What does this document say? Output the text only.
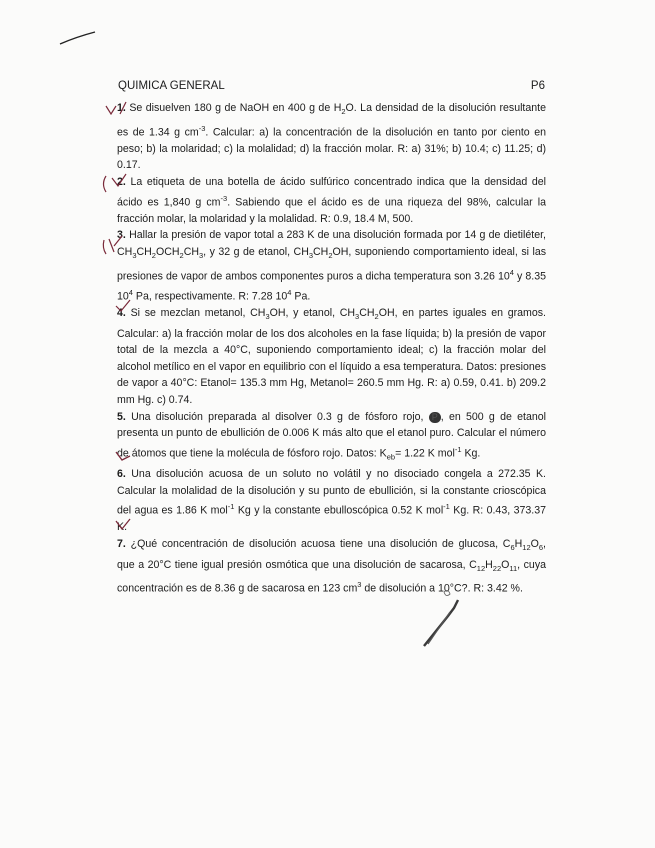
QUIMICA GENERAL	P6

1. Se disuelven 180 g de NaOH en 400 g de $H_2O$. La densidad de la disolución resultante es de 1.34 g $cm^{-3}$. Calcular: a) la concentración de la disolución en tanto por ciento en peso; b) la molaridad; c) la molalidad; d) la fracción molar. R: a) 31%; b) 10.4; c) 11.25; d) 0.17.

2. La etiqueta de una botella de ácido sulfúrico concentrado indica que la densidad del ácido es 1,840 g $cm^{-3}$. Sabiendo que el ácido es de una riqueza del 98%, calcular la fracción molar, la molaridad y la molalidad. R: 0.9, 18.4 M, 500.

3. Hallar la presión de vapor total a 283 K de una disolución formada por 14 g de dietiléter, $CH_3CH_2OCH_2CH_3$, y 32 g de etanol, $CH_3CH_2OH$, suponiendo comportamiento ideal, si las presiones de vapor de ambos componentes puros a dicha temperatura son 3.26 $10^4$ y 8.35 $10^4$ Pa, respectivamente. R: 7.28 $10^4$ Pa.

4. Si se mezclan metanol, $CH_3OH$, y etanol, $CH_3CH_2OH$, en partes iguales en gramos. Calcular: a) la fracción molar de los dos alcoholes en la fase líquida; b) la presión de vapor total de la mezcla a 40°C, suponiendo comportamiento ideal; c) la fracción molar del alcohol metílico en el vapor en equilibrio con el líquido a esa temperatura. Datos: presiones de vapor a 40°C: Etanol= 135.3 mm Hg, Metanol= 260.5 mm Hg. R: a) 0.59, 0.41. b) 209.2 mm Hg. c) 0.74.

5. Una disolución preparada al disolver 0.3 g de fósforo rojo, P , en 500 g de etanol presenta un punto de ebullición de 0.006 K más alto que el etanol puro. Calcular el número de átomos que tiene la molécula de fósforo rojo. Datos: $K_{eb}= 1.22$ K mol$^{-1}$ Kg.

6. Una disolución acuosa de un soluto no volátil y no disociado congela a 272.35 K. Calcular la molalidad de la disolución y su punto de ebullición, si la constante crioscópica del agua es 1.86 K mol$^{-1}$ Kg y la constante ebulloscópica 0.52 K mol$^{-1}$ Kg. R: 0.43, 373.37 K.

7. ¿Qué concentración de disolución acuosa tiene una disolución de glucosa, $C_6H_{12}O_6$, que a 20°C tiene igual presión osmótica que una disolución de sacarosa, $C_{12}H_{22}O_{11}$, cuya concentración es de 8.36 g de sacarosa en 123 $cm^3$ de disolución a 10°C?. R: 3.42 %.
